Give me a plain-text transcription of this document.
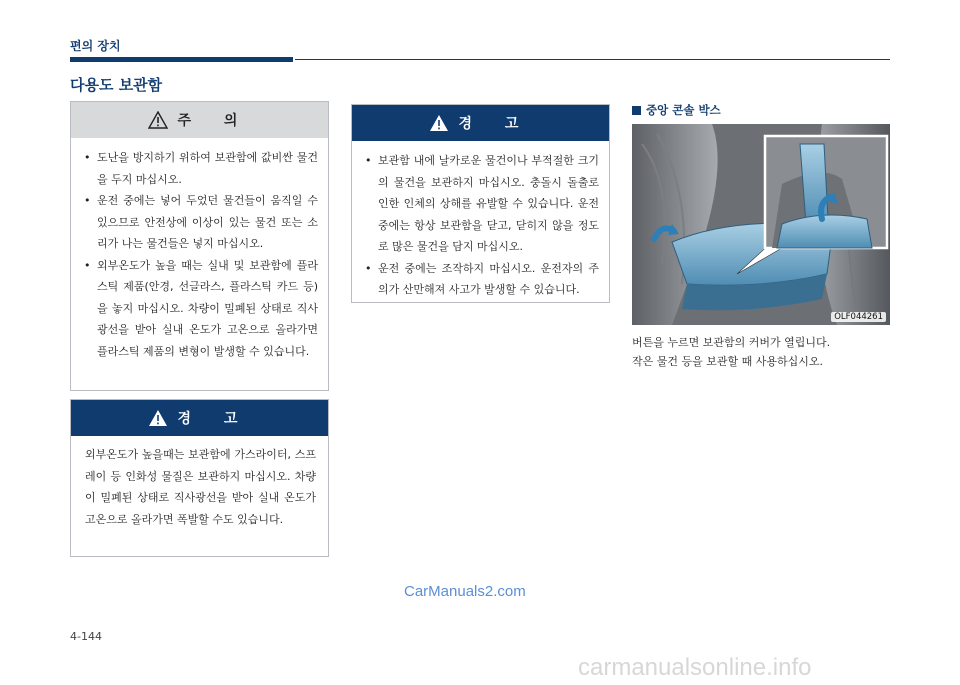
편의 장치
다용도 보관함
주 의
• 도난을 방지하기 위하여 보관함에 값비싼 물건을 두지 마십시오.
• 운전 중에는 넣어 두었던 물건들이 움직일 수 있으므로 안전상에 이상이 있는 물건 또는 소리가 나는 물건들은 넣지 마십시오.
• 외부온도가 높을 때는 실내 및 보관함에 플라스틱 제품(안경, 선글라스, 플라스틱 카드 등)을 놓지 마십시오. 차량이 밀폐된 상태로 직사광선을 받아 실내 온도가 고온으로 올라가면 플라스틱 제품의 변형이 발생할 수 있습니다.
경 고
외부온도가 높을때는 보관함에 가스라이터, 스프레이 등 인화성 물질은 보관하지 마십시오. 차량이 밀폐된 상태로 직사광선을 받아 실내 온도가 고온으로 올라가면 폭발할 수도 있습니다.
경 고
• 보관함 내에 날카로운 물건이나 부적절한 크기의 물건을 보관하지 마십시오. 충돌시 돌출로 인한 인체의 상해를 유발할 수 있습니다. 운전 중에는 항상 보관함을 닫고, 닫히지 않을 정도로 많은 물건을 담지 마십시오.
• 운전 중에는 조작하지 마십시오. 운전자의 주의가 산만해져 사고가 발생할 수 있습니다.
중앙 콘솔 박스
OLF044261
버튼을 누르면 보관함의 커버가 열립니다.
작은 물건 등을 보관할 때 사용하십시오.
CarManuals2.com
4-144
carmanualsonline.info
